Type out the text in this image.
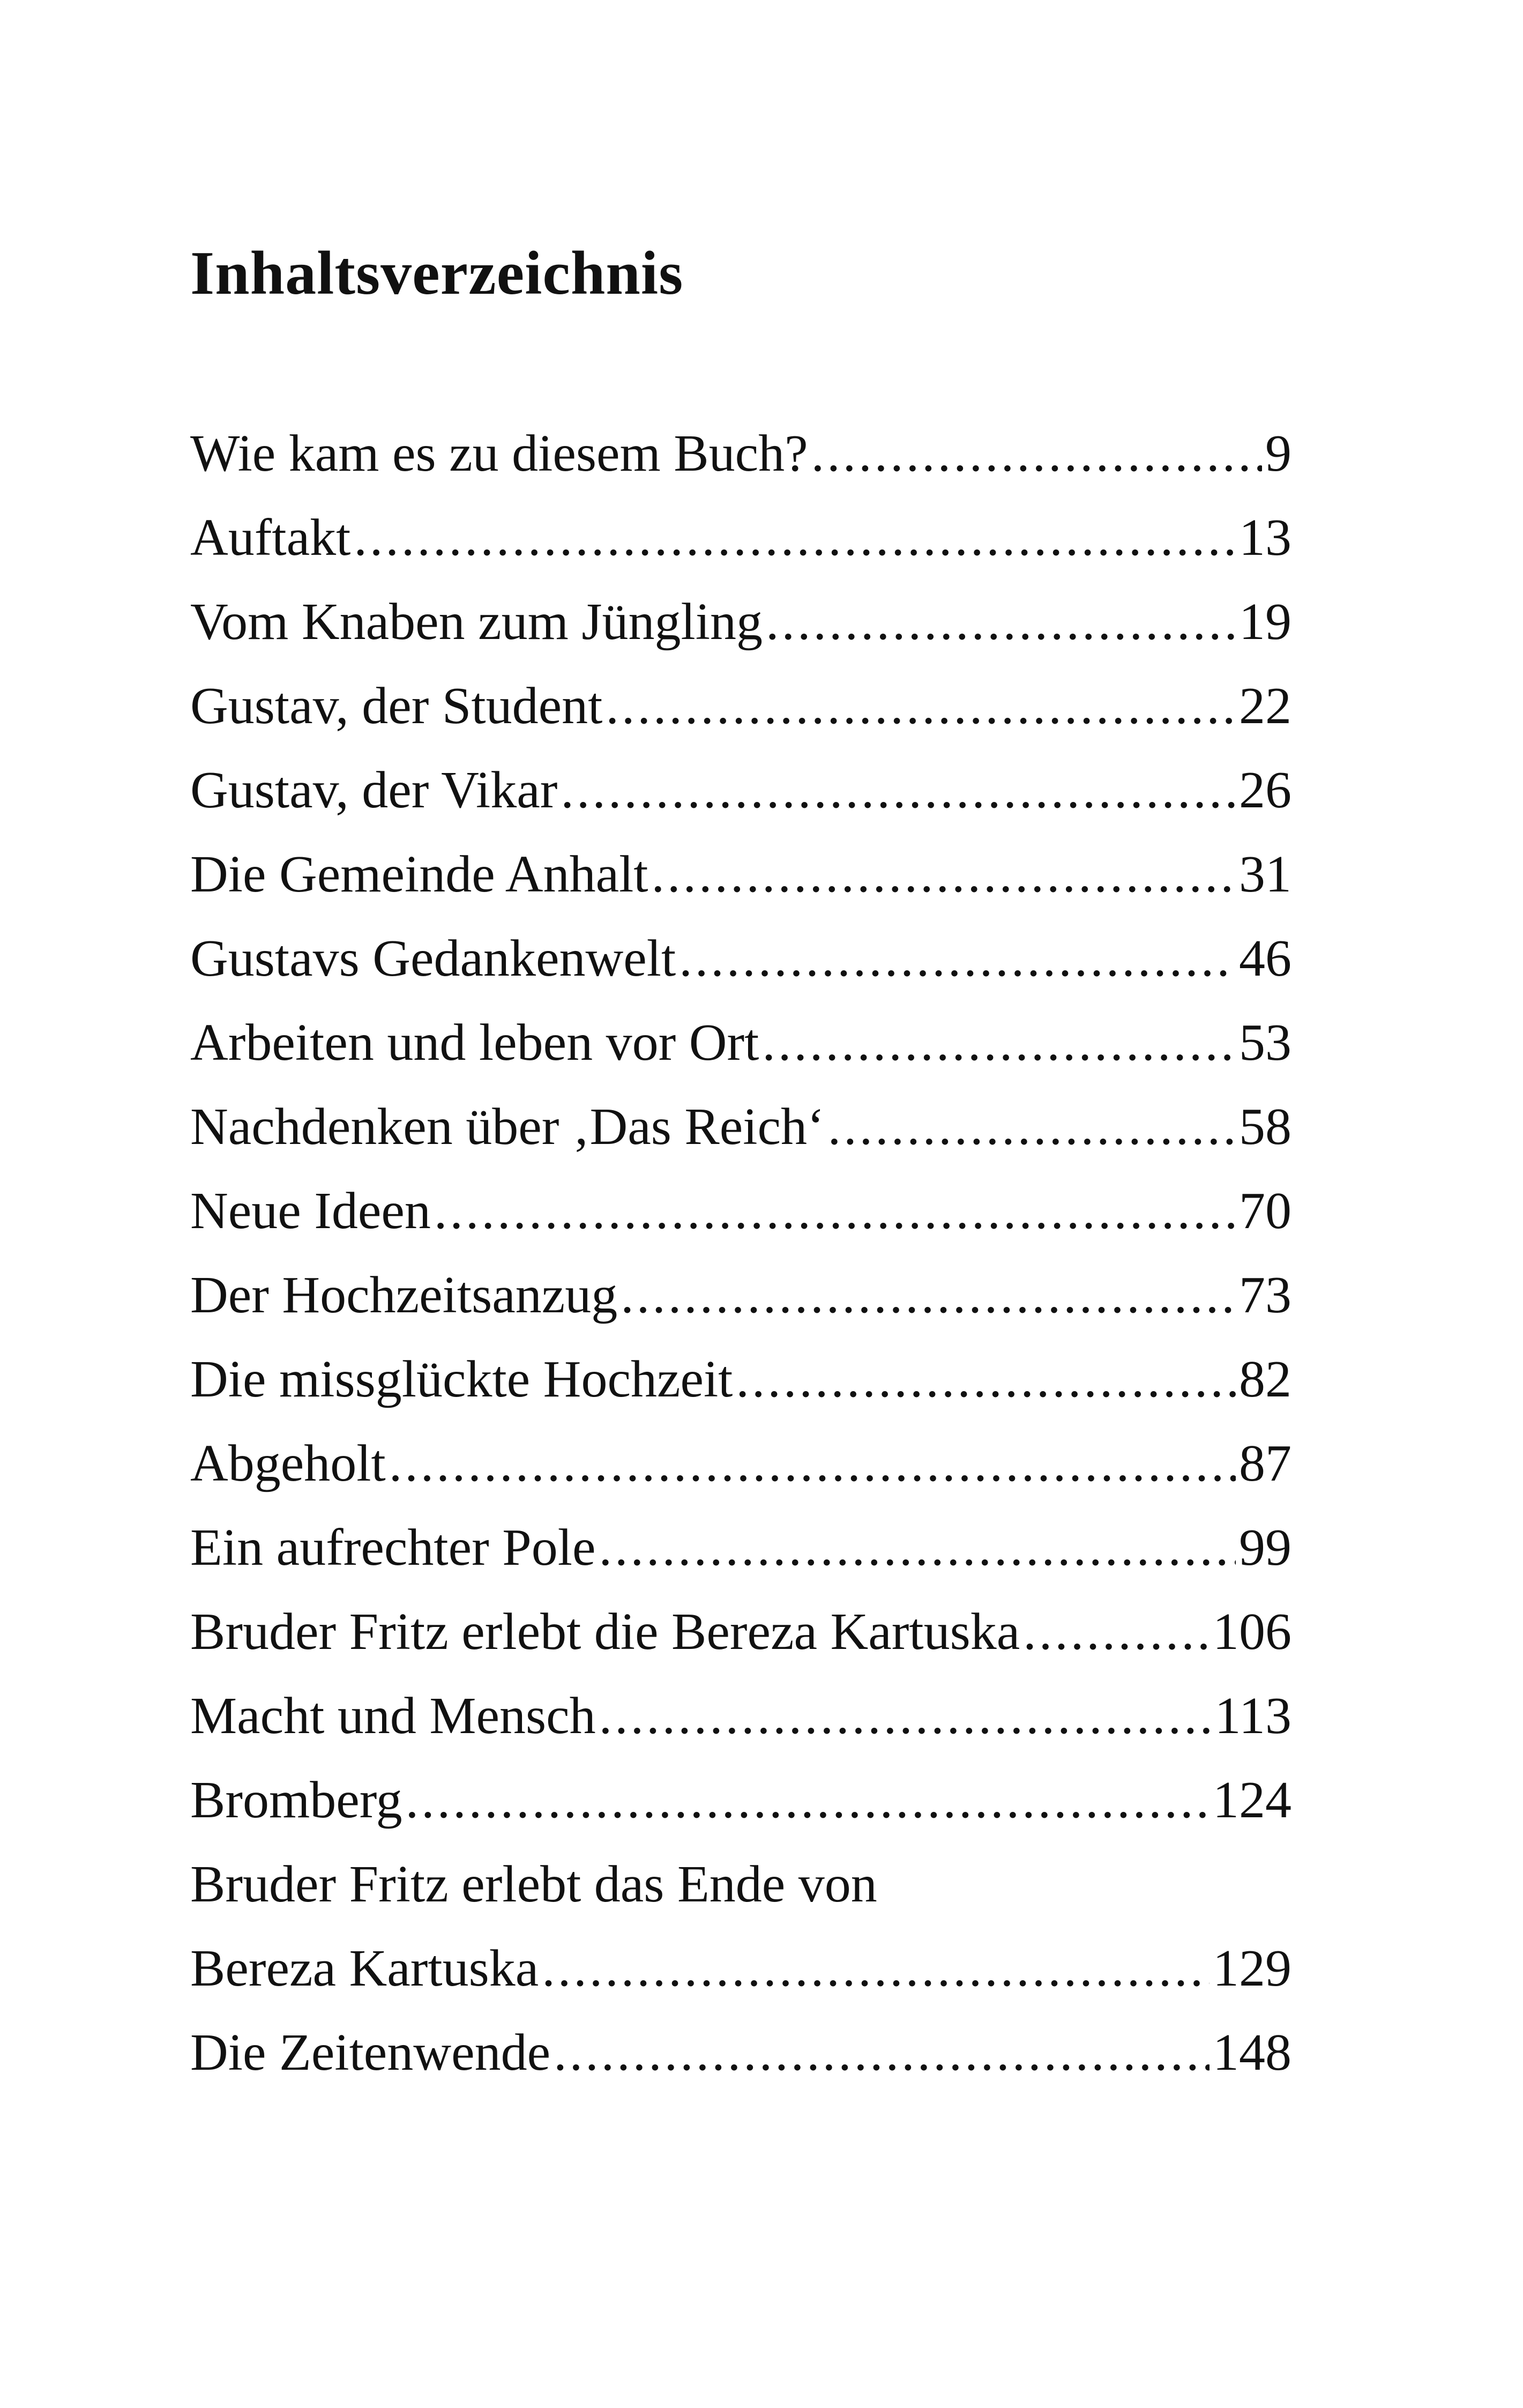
Inhaltsverzeichnis
Wie kam es zu diesem Buch? .....	9
Auftakt .....	13
Vom Knaben zum Jüngling .....	19
Gustav, der Student .....	22
Gustav, der Vikar .....	26
Die Gemeinde Anhalt .....	31
Gustavs Gedankenwelt .....	46
Arbeiten und leben vor Ort .....	53
Nachdenken über ‚Das Reich‘ .....	58
Neue Ideen .....	70
Der Hochzeitsanzug .....	73
Die missglückte Hochzeit .....	82
Abgeholt .....	87
Ein aufrechter Pole .....	99
Bruder Fritz erlebt die Bereza Kartuska .....	106
Macht und Mensch .....	113
Bromberg .....	124
Bruder Fritz erlebt das Ende von
Bereza Kartuska .....	129
Die Zeitenwende .....	148
